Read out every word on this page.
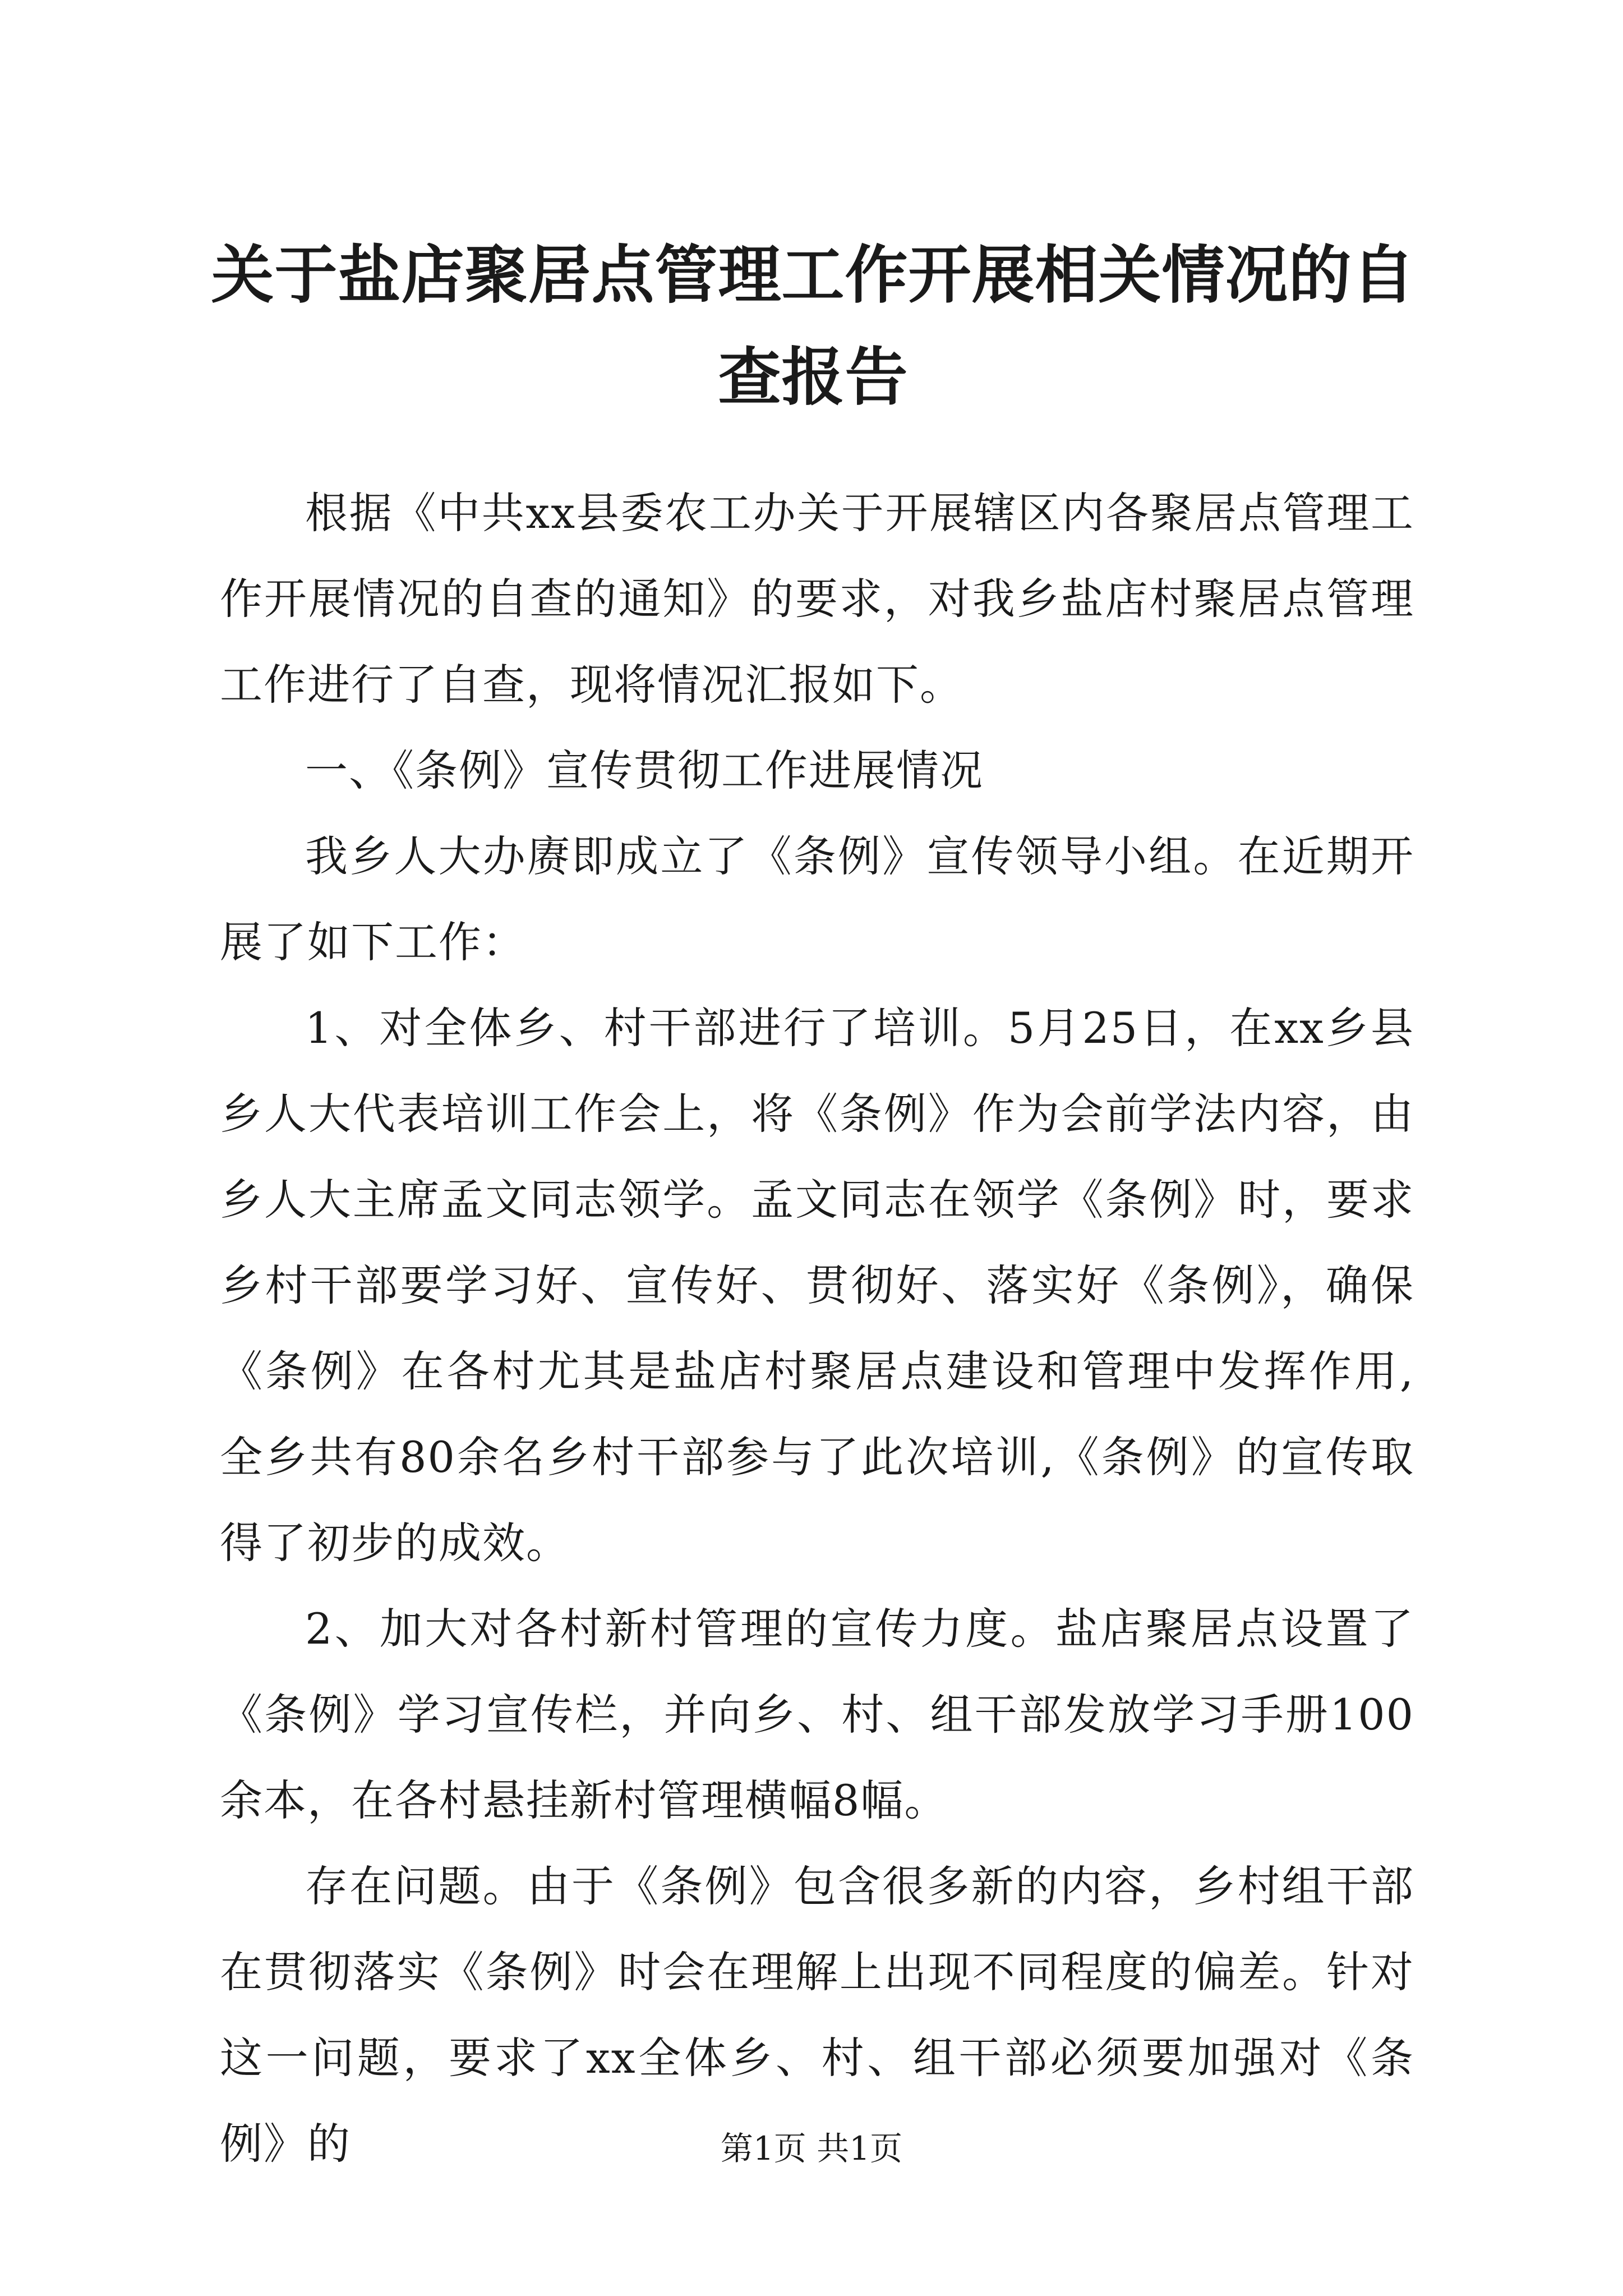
关于盐店聚居点管理工作开展相关情况的自查报告

根据《中共xx县委农工办关于开展辖区内各聚居点管理工作开展情况的自查的通知》的要求，对我乡盐店村聚居点管理工作进行了自查，现将情况汇报如下。

一、《条例》宣传贯彻工作进展情况

我乡人大办赓即成立了《条例》宣传领导小组。在近期开展了如下工作：

1、对全体乡、村干部进行了培训。5月25日，在xx乡县乡人大代表培训工作会上，将《条例》作为会前学法内容，由乡人大主席孟文同志领学。孟文同志在领学《条例》时，要求乡村干部要学习好、宣传好、贯彻好、落实好《条例》，确保《条例》在各村尤其是盐店村聚居点建设和管理中发挥作用,全乡共有80余名乡村干部参与了此次培训,《条例》的宣传取得了初步的成效。

2、加大对各村新村管理的宣传力度。盐店聚居点设置了《条例》学习宣传栏，并向乡、村、组干部发放学习手册100余本，在各村悬挂新村管理横幅8幅。

存在问题。由于《条例》包含很多新的内容，乡村组干部在贯彻落实《条例》时会在理解上出现不同程度的偏差。针对这一问题，要求了xx全体乡、村、组干部必须要加强对《条例》的	第1页 共1页
